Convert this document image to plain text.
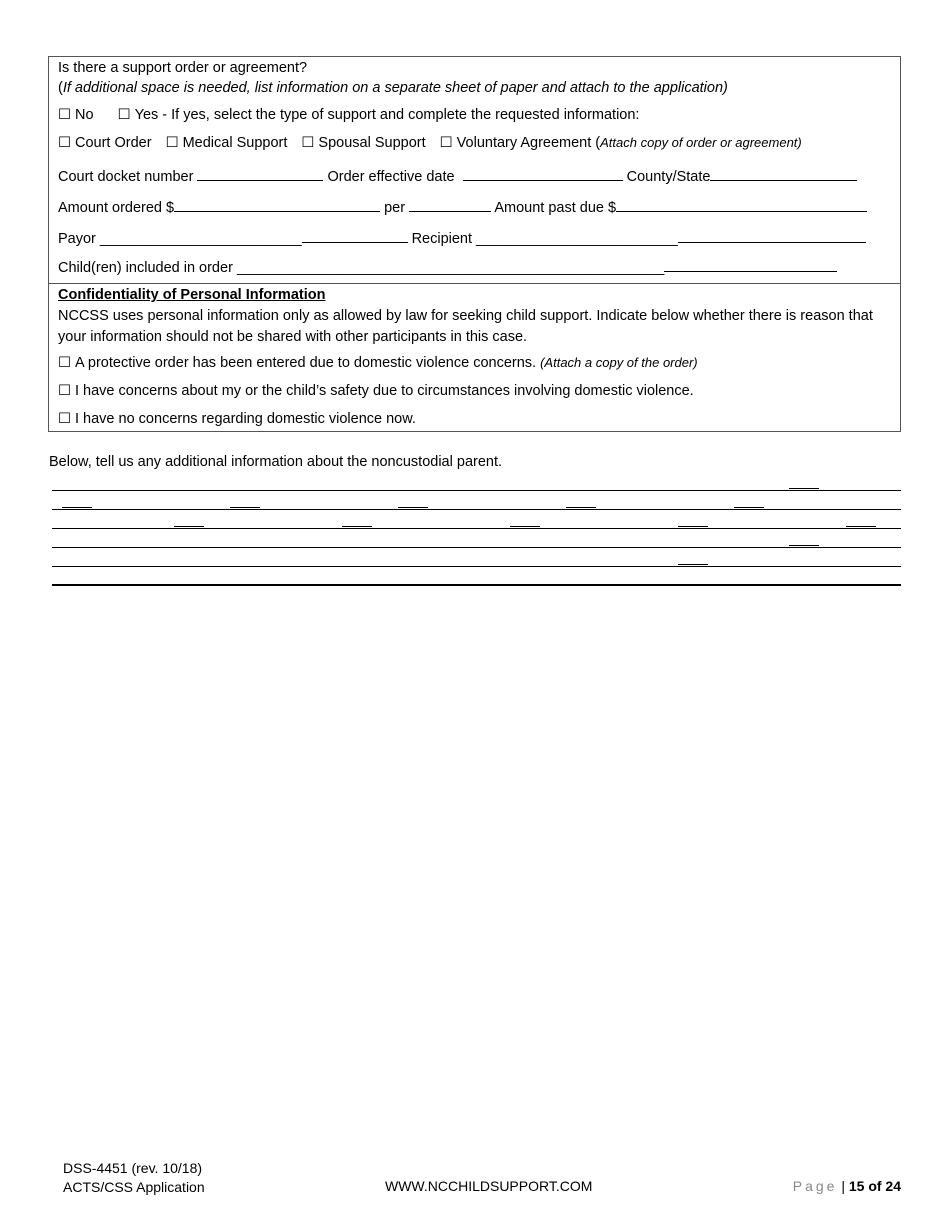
Is there a support order or agreement?
(If additional space is needed, list information on a separate sheet of paper and attach to the application)
☐ No ☐ Yes - If yes, select the type of support and complete the requested information:
☐ Court Order ☐ Medical Support ☐ Spousal Support ☐ Voluntary Agreement (Attach copy of order or agreement)
Court docket number	Order effective date	County/State
Amount ordered $	per	Amount past due $
Payor _________________________	Recipient _________________________
Child(ren) included in order _____________________________________________________
Confidentiality of Personal Information
NCCSS uses personal information only as allowed by law for seeking child support. Indicate below whether there is reason that your information should not be shared with other participants in this case.
☐ A protective order has been entered due to domestic violence concerns. (Attach a copy of the order)
☐ I have concerns about my or the child’s safety due to circumstances involving domestic violence.
☐ I have no concerns regarding domestic violence now.
Below, tell us any additional information about the noncustodial parent.
DSS-4451 (rev. 10/18)
ACTS/CSS Application	WWW.NCCHILDSUPPORT.COM	Page | 15 of 24
